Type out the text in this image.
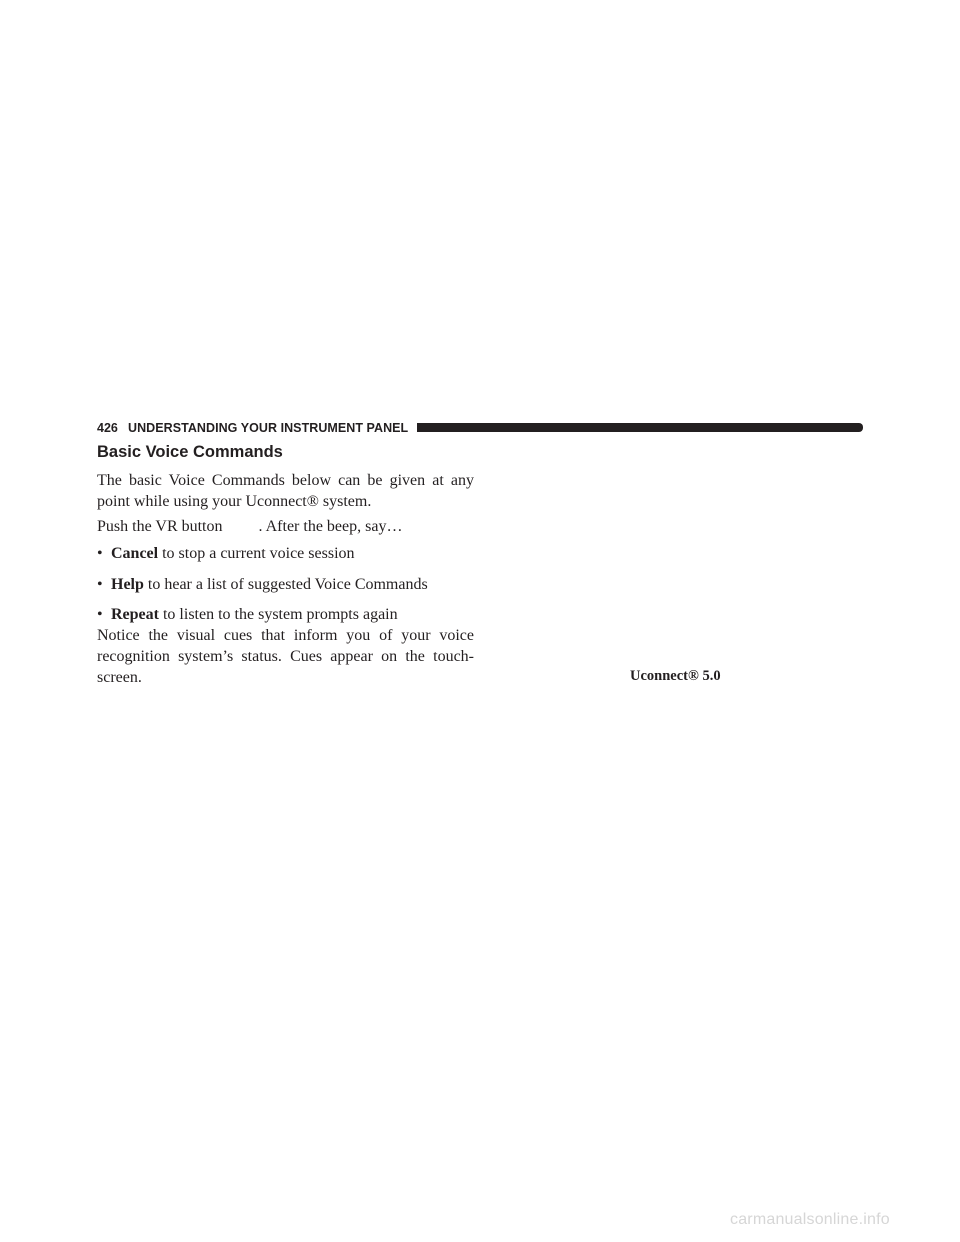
426 UNDERSTANDING YOUR INSTRUMENT PANEL
Basic Voice Commands

The basic Voice Commands below can be given at any point while using your Uconnect® system.

Push the VR button . After the beep, say…

• Cancel to stop a current voice session
• Help to hear a list of suggested Voice Commands
• Repeat to listen to the system prompts again

Notice the visual cues that inform you of your voice recognition system’s status. Cues appear on the touch-screen.	Uconnect® 5.0
carmanualsonline.info
